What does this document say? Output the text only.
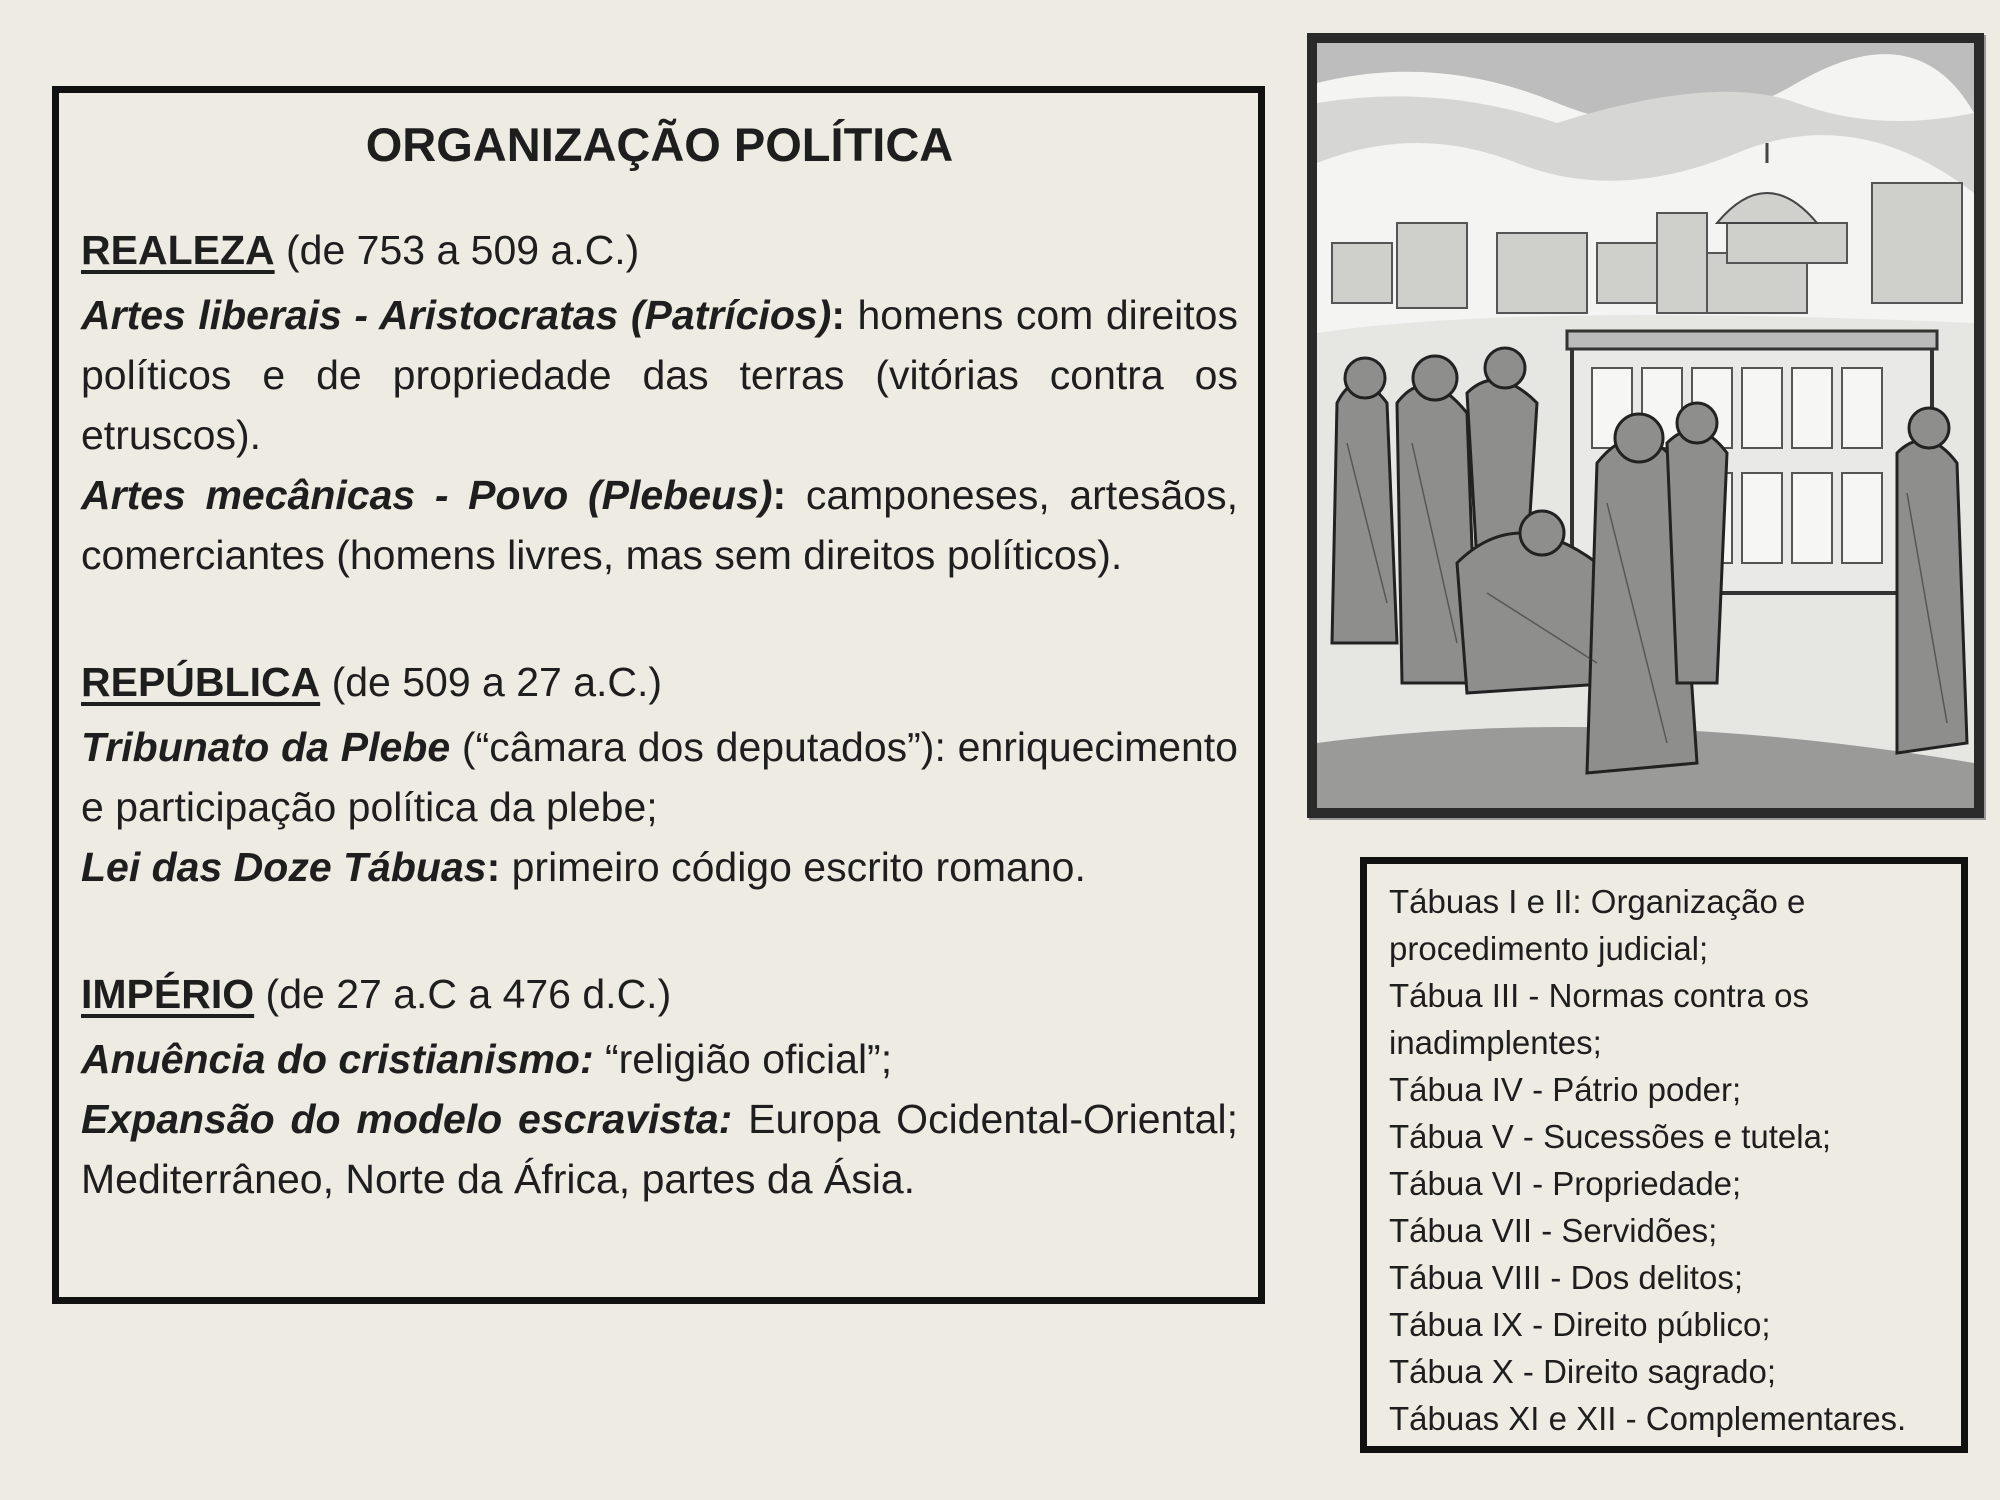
ORGANIZAÇÃO POLÍTICA
REALEZA (de 753 a 509 a.C.)

Artes liberais - Aristocratas (Patrícios): homens com direitos políticos e de propriedade das terras (vitórias contra os etruscos).

Artes mecânicas - Povo (Plebeus): camponeses, artesãos, comerciantes (homens livres, mas sem direitos políticos).

REPÚBLICA (de 509 a 27 a.C.)

Tribunato da Plebe (“câmara dos deputados”): enriquecimento e participação política da plebe;

Lei das Doze Tábuas: primeiro código escrito romano.

IMPÉRIO (de 27 a.C a 476 d.C.)

Anuência do cristianismo: “religião oficial”;

Expansão do modelo escravista: Europa Ocidental-Oriental; Mediterrâneo, Norte da África, partes da Ásia.

Tábuas I e II: Organização e
procedimento judicial;
Tábua III - Normas contra os
inadimplentes;
Tábua IV - Pátrio poder;
Tábua V - Sucessões e tutela;
Tábua VI - Propriedade;
Tábua VII - Servidões;
Tábua VIII - Dos delitos;
Tábua IX - Direito público;
Tábua X - Direito sagrado;
Tábuas XI e XII - Complementares.
